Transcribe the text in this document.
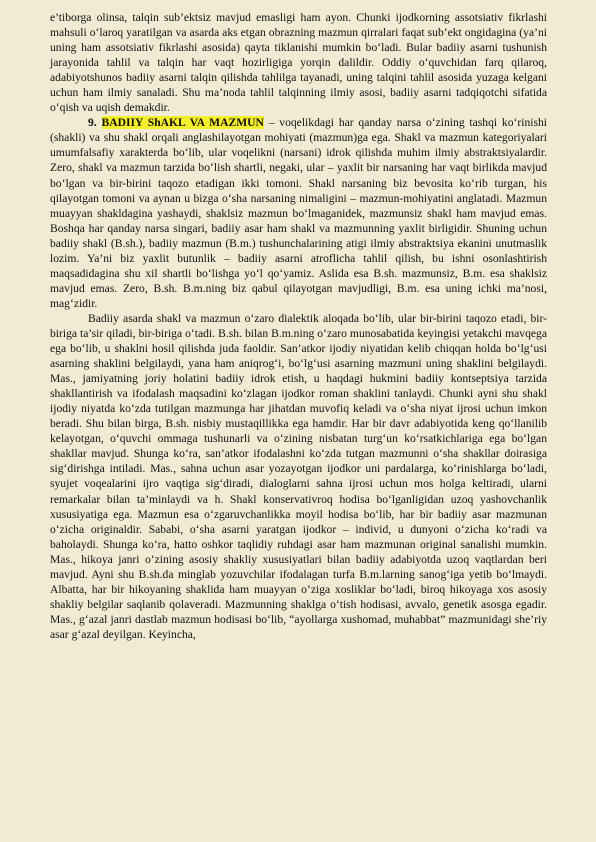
e’tiborga olinsa, talqin sub’ektsiz mavjud emasligi ham ayon. Chunki ijodkorning assotsiativ fikrlashi mahsuli o‘laroq yaratilgan va asarda aks etgan obrazning mazmun qirralari faqat sub’ekt ongidagina (ya’ni uning ham assotsiativ fikrlashi asosida) qayta tiklanishi mumkin bo‘ladi. Bular badiiy asarni tushunish jarayonida tahlil va talqin har vaqt hozirligiga yorqin dalildir. Oddiy o‘quvchidan farq qilaroq, adabiyotshunos badiiy asarni talqin qilishda tahlilga tayanadi, uning talqini tahlil asosida yuzaga kelgani uchun ham ilmiy sanaladi. Shu ma’noda tahlil talqinning ilmiy asosi, badiiy asarni tadqiqotchi sifatida o‘qish va uqish demakdir.

9. BADIIY ShAKL VA MAZMUN – voqelikdagi har qanday narsa o‘zining tashqi ko‘rinishi (shakli) va shu shakl orqali anglashilayotgan mohiyati (mazmun)ga ega. Shakl va mazmun kategoriyalari umumfalsafiy xarakterda bo‘lib, ular voqelikni (narsani) idrok qilishda muhim ilmiy abstraktsiyalardir. Zero, shakl va mazmun tarzida bo‘lish shartli, negaki, ular – yaxlit bir narsaning har vaqt birlikda mavjud bo‘lgan va bir-birini taqozo etadigan ikki tomoni. Shakl narsaning biz bevosita ko‘rib turgan, his qilayotgan tomoni va aynan u bizga o‘sha narsaning nimaligini – mazmun-mohiyatini anglatadi. Mazmun muayyan shakldagina yashaydi, shaklsiz mazmun bo‘lmaganidek, mazmunsiz shakl ham mavjud emas. Boshqa har qanday narsa singari, badiiy asar ham shakl va mazmunning yaxlit birligidir. Shuning uchun badiiy shakl (B.sh.), badiiy mazmun (B.m.) tushunchalarining atigi ilmiy abstraktsiya ekanini unutmaslik lozim. Ya’ni biz yaxlit butunlik – badiiy asarni atroflicha tahlil qilish, bu ishni osonlashtirish maqsadidagina shu xil shartli bo‘lishga yo‘l qo‘yamiz. Aslida esa B.sh. mazmunsiz, B.m. esa shaklsiz mavjud emas. Zero, B.sh. B.m.ning biz qabul qilayotgan mavjudligi, B.m. esa uning ichki ma’nosi, mag‘zidir.

Badiiy asarda shakl va mazmun o‘zaro dialektik aloqada bo‘lib, ular bir-birini taqozo etadi, bir-biriga ta’sir qiladi, bir-biriga o‘tadi. B.sh. bilan B.m.ning o‘zaro munosabatida keyingisi yetakchi mavqega ega bo‘lib, u shaklni hosil qilishda juda faoldir. San’atkor ijodiy niyatidan kelib chiqqan holda bo‘lg‘usi asarning shaklini belgilaydi, yana ham aniqrog‘i, bo‘lg‘usi asarning mazmuni uning shaklini belgilaydi. Mas., jamiyatning joriy holatini badiiy idrok etish, u haqdagi hukmini badiiy kontseptsiya tarzida shakllantirish va ifodalash maqsadini ko‘zlagan ijodkor roman shaklini tanlaydi. Chunki ayni shu shakl ijodiy niyatda ko‘zda tutilgan mazmunga har jihatdan muvofiq keladi va o‘sha niyat ijrosi uchun imkon beradi. Shu bilan birga, B.sh. nisbiy mustaqillikka ega hamdir. Har bir davr adabiyotida keng qo‘llanilib kelayotgan, o‘quvchi ommaga tushunarli va o‘zining nisbatan turg‘un ko‘rsatkichlariga ega bo‘lgan shakllar mavjud. Shunga ko‘ra, san’atkor ifodalashni ko‘zda tutgan mazmunni o‘sha shakllar doirasiga sig‘dirishga intiladi. Mas., sahna uchun asar yozayotgan ijodkor uni pardalarga, ko‘rinishlarga bo‘ladi, syujet voqealarini ijro vaqtiga sig‘diradi, dialoglarni sahna ijrosi uchun mos holga keltiradi, ularni remarkalar bilan ta’minlaydi va h. Shakl konservativroq hodisa bo‘lganligidan uzoq yashovchanlik xususiyatiga ega. Mazmun esa o‘zgaruvchanlikka moyil hodisa bo‘lib, har bir badiiy asar mazmunan o‘zicha originaldir. Sababi, o‘sha asarni yaratgan ijodkor – individ, u dunyoni o‘zicha ko‘radi va baholaydi. Shunga ko‘ra, hatto oshkor taqlidiy ruhdagi asar ham mazmunan original sanalishi mumkin. Mas., hikoya janri o‘zining asosiy shakliy xususiyatlari bilan badiiy adabiyotda uzoq vaqtlardan beri mavjud. Ayni shu B.sh.da minglab yozuvchilar ifodalagan turfa B.m.larning sanog‘iga yetib bo‘lmaydi. Albatta, har bir hikoyaning shaklida ham muayyan o‘ziga xosliklar bo‘ladi, biroq hikoyaga xos asosiy shakliy belgilar saqlanib qolaveradi. Mazmunning shaklga o‘tish hodisasi, avvalo, genetik asosga egadir. Mas., g‘azal janri dastlab mazmun hodisasi bo‘lib, “ayollarga xushomad, muhabbat” mazmunidagi she’riy asar g‘azal deyilgan. Keyincha,
